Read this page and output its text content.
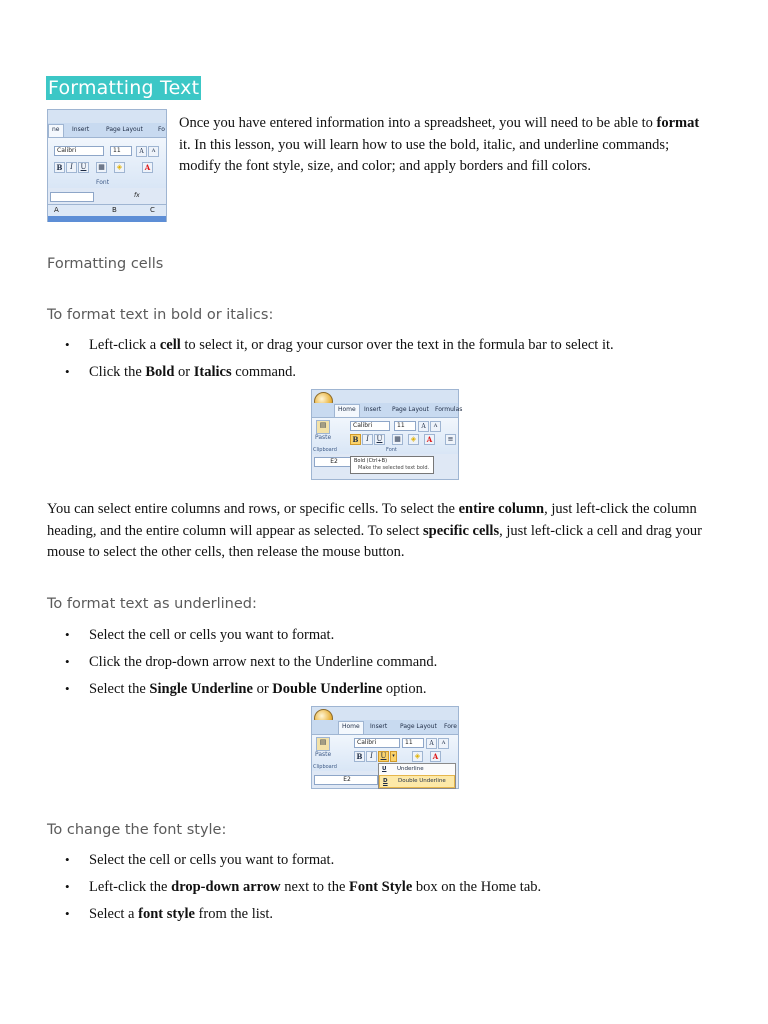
Formatting Text
ne	Insert	Page Layout	Fo
Calibri	11	A	A
B	I	U	▦	◈	A
Font
fx
A	B	C
Once you have entered information into a spreadsheet, you will need to be able to format it. In this lesson, you will learn how to use the bold, italic, and underline commands; modify the font style, size, and color; and apply borders and fill colors.
Formatting cells
To format text in bold or italics:
• Left-click a cell to select it, or drag your cursor over the text in the formula bar to select it.
• Click the Bold or Italics command.
Home	Insert Page Layout Formulas
▤
Paste
Clipboard
Calibri	11	A	A
B	I	U	▦	◈	A	≡
Font
E2	Bold (Ctrl+B)
Make the selected text bold.
You can select entire columns and rows, or specific cells. To select the entire column, just left-click the column heading, and the entire column will appear as selected. To select specific cells, just left-click a cell and drag your mouse to select the other cells, then release the mouse button.
To format text as underlined:
• Select the cell or cells you want to format.
• Click the drop-down arrow next to the Underline command.
• Select the Single Underline or Double Underline option.
Home	Insert Page Layout Fore
▤
Paste
Clipboard
Calibri	11	A	A
B	I	U	▾	◈	A
E2
U Underline
D Double Underline
To change the font style:
• Select the cell or cells you want to format.
• Left-click the drop-down arrow next to the Font Style box on the Home tab.
• Select a font style from the list.
